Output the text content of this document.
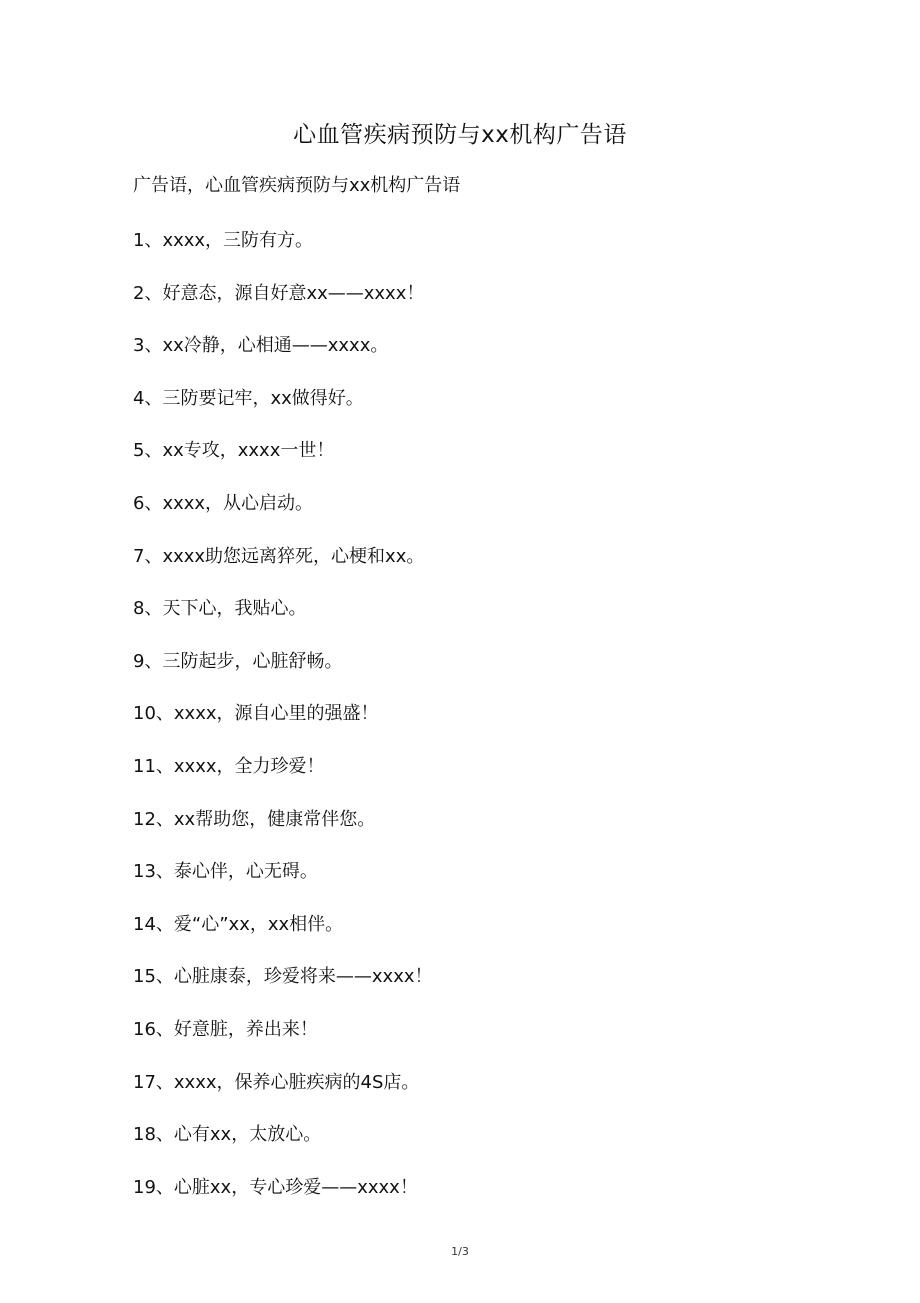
心血管疾病预防与xx机构广告语
广告语，心血管疾病预防与xx机构广告语
1、xxxx，三防有方。
2、好意态，源自好意xx——xxxx！
3、xx冷静，心相通——xxxx。
4、三防要记牢，xx做得好。
5、xx专攻，xxxx一世！
6、xxxx，从心启动。
7、xxxx助您远离猝死，心梗和xx。
8、天下心，我贴心。
9、三防起步，心脏舒畅。
10、xxxx，源自心里的强盛！
11、xxxx，全力珍爱！
12、xx帮助您，健康常伴您。
13、泰心伴，心无碍。
14、爱“心”xx，xx相伴。
15、心脏康泰，珍爱将来——xxxx！
16、好意脏，养出来！
17、xxxx，保养心脏疾病的4S店。
18、心有xx，太放心。
19、心脏xx，专心珍爱——xxxx！
1/3
